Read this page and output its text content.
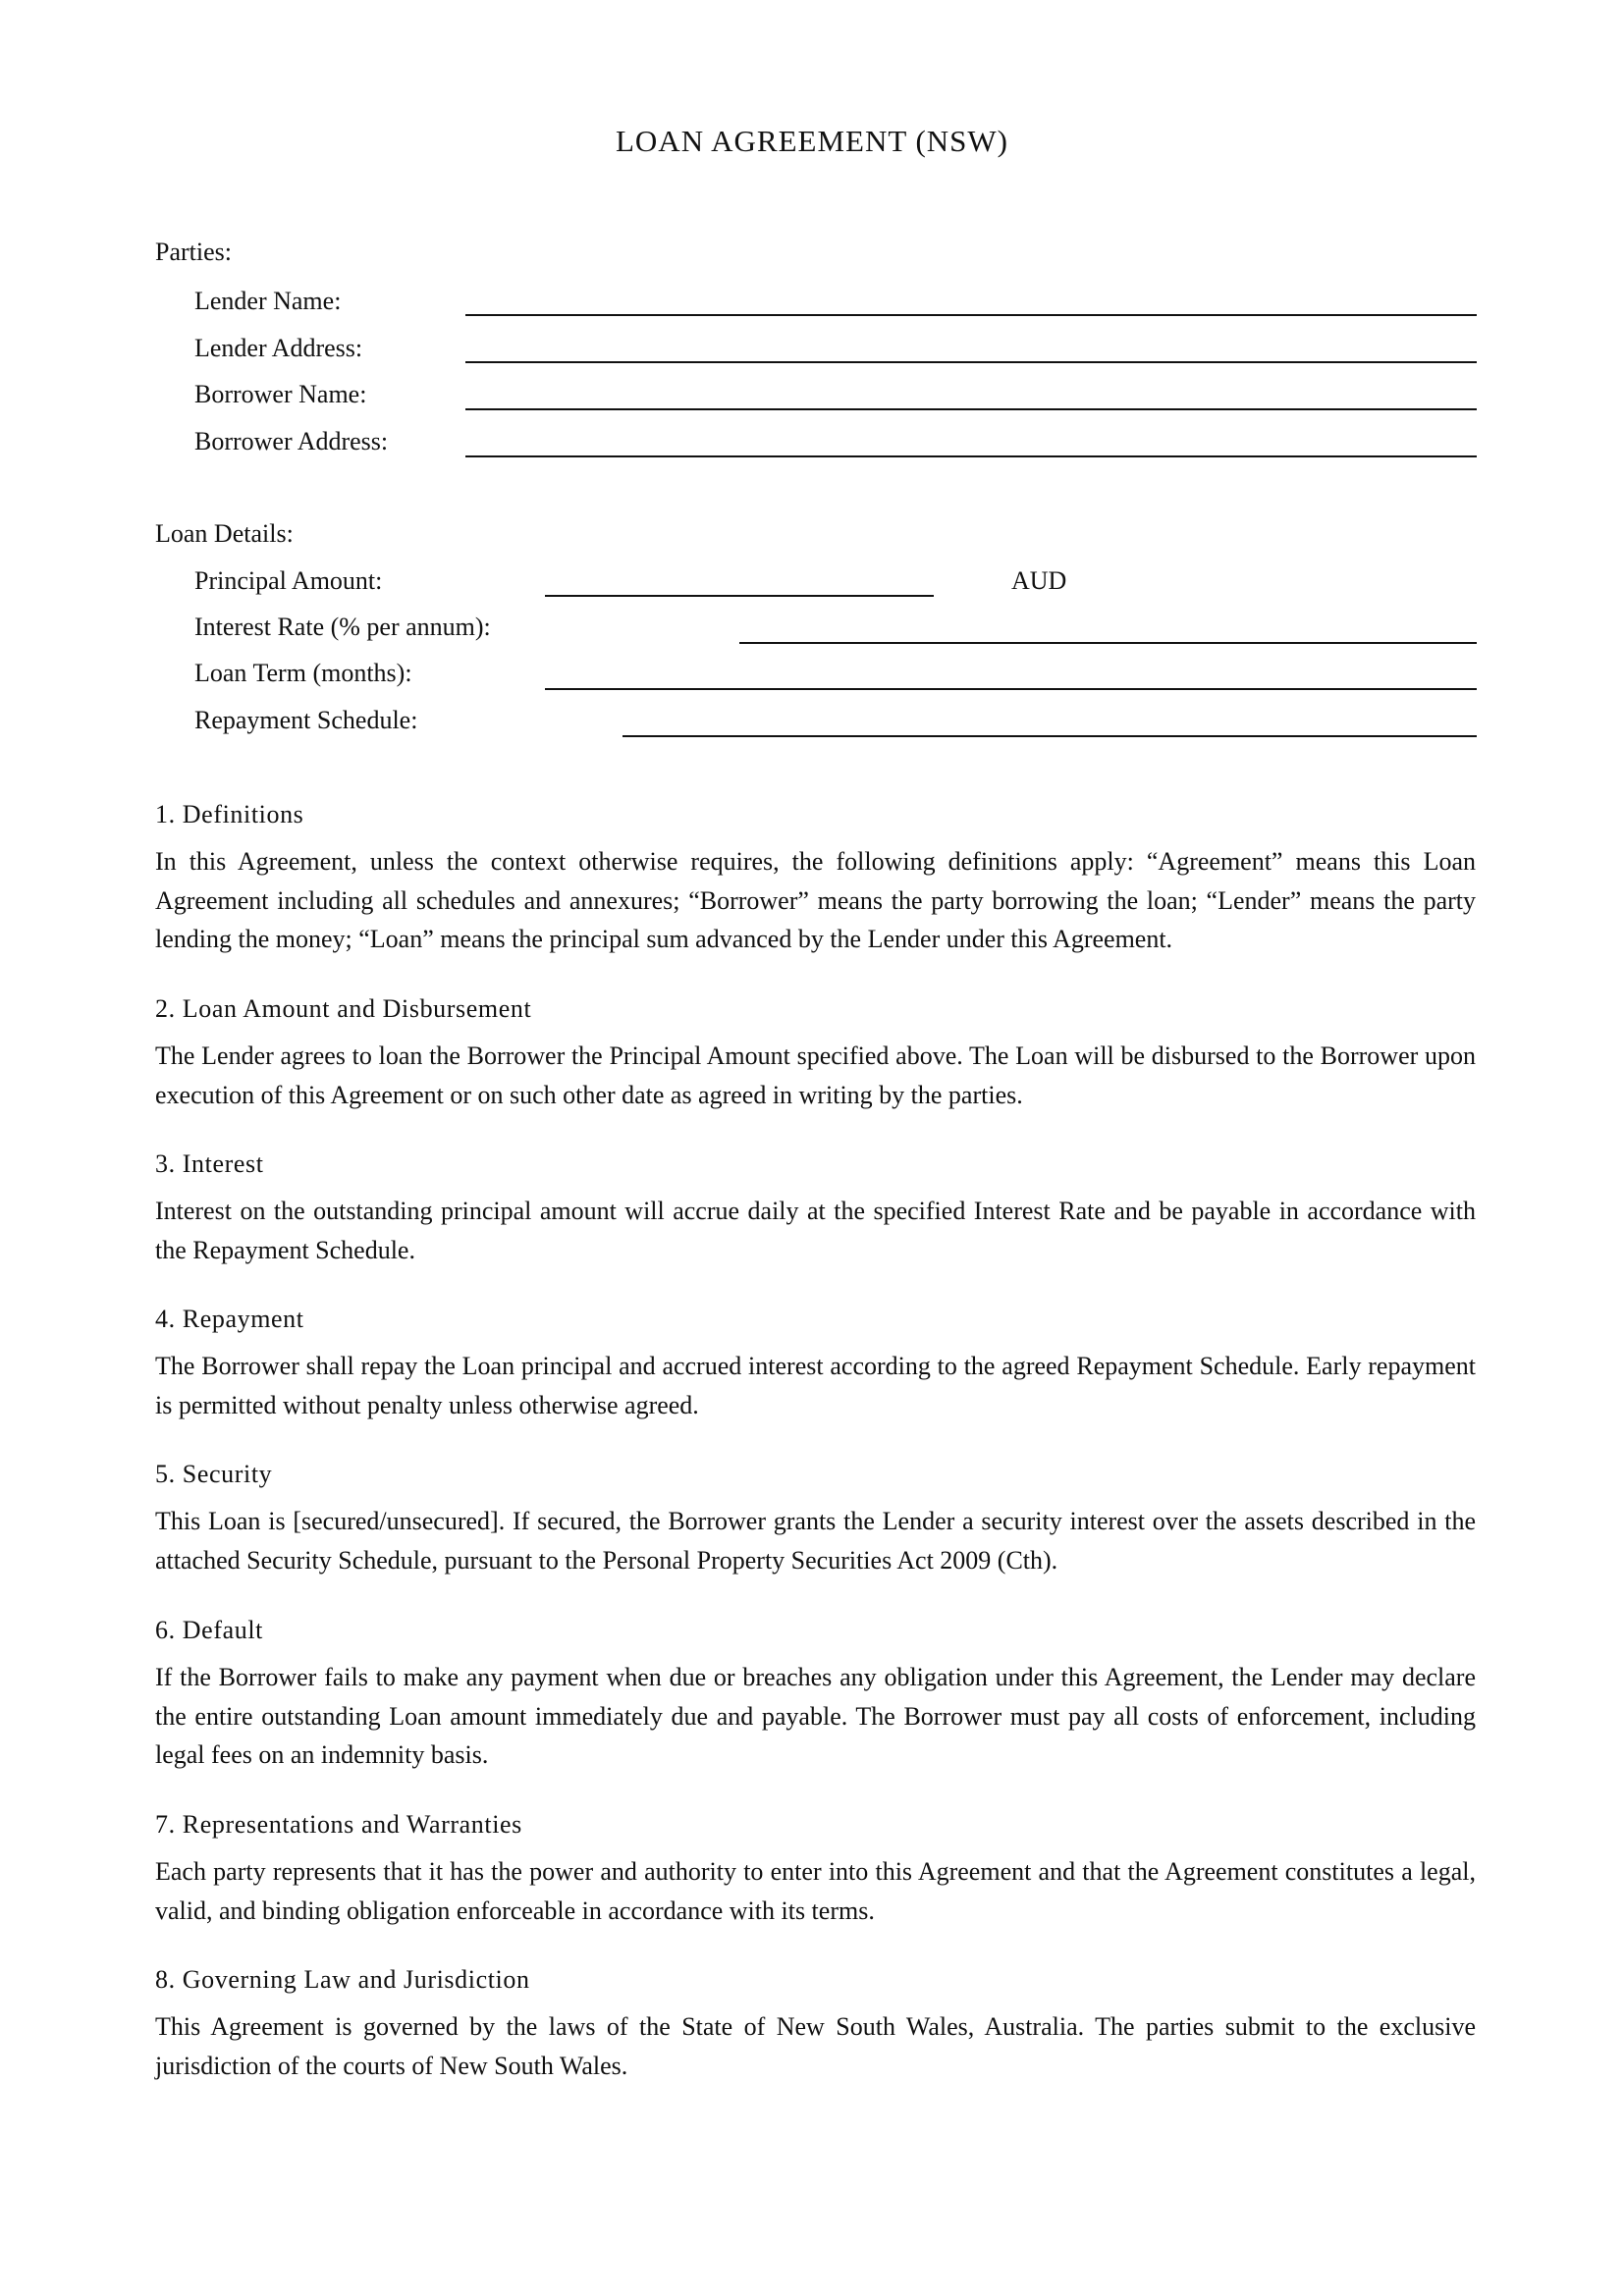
LOAN AGREEMENT (NSW)
Parties:
Lender Name:
Lender Address:
Borrower Name:
Borrower Address:
Loan Details:
Principal Amount:	AUD
Interest Rate (% per annum):
Loan Term (months):
Repayment Schedule:
1. Definitions

In this Agreement, unless the context otherwise requires, the following definitions apply: “Agreement” means this Loan Agreement including all schedules and annexures; “Borrower” means the party borrowing the loan; “Lender” means the party lending the money; “Loan” means the principal sum advanced by the Lender under this Agreement.

2. Loan Amount and Disbursement

The Lender agrees to loan the Borrower the Principal Amount specified above. The Loan will be disbursed to the Borrower upon execution of this Agreement or on such other date as agreed in writing by the parties.

3. Interest

Interest on the outstanding principal amount will accrue daily at the specified Interest Rate and be payable in accordance with the Repayment Schedule.

4. Repayment

The Borrower shall repay the Loan principal and accrued interest according to the agreed Repayment Schedule. Early repayment is permitted without penalty unless otherwise agreed.

5. Security

This Loan is [secured/unsecured]. If secured, the Borrower grants the Lender a security interest over the assets described in the attached Security Schedule, pursuant to the Personal Property Securities Act 2009 (Cth).

6. Default

If the Borrower fails to make any payment when due or breaches any obligation under this Agreement, the Lender may declare the entire outstanding Loan amount immediately due and payable. The Borrower must pay all costs of enforcement, including legal fees on an indemnity basis.

7. Representations and Warranties

Each party represents that it has the power and authority to enter into this Agreement and that the Agreement constitutes a legal, valid, and binding obligation enforceable in accordance with its terms.

8. Governing Law and Jurisdiction

This Agreement is governed by the laws of the State of New South Wales, Australia. The parties submit to the exclusive jurisdiction of the courts of New South Wales.
